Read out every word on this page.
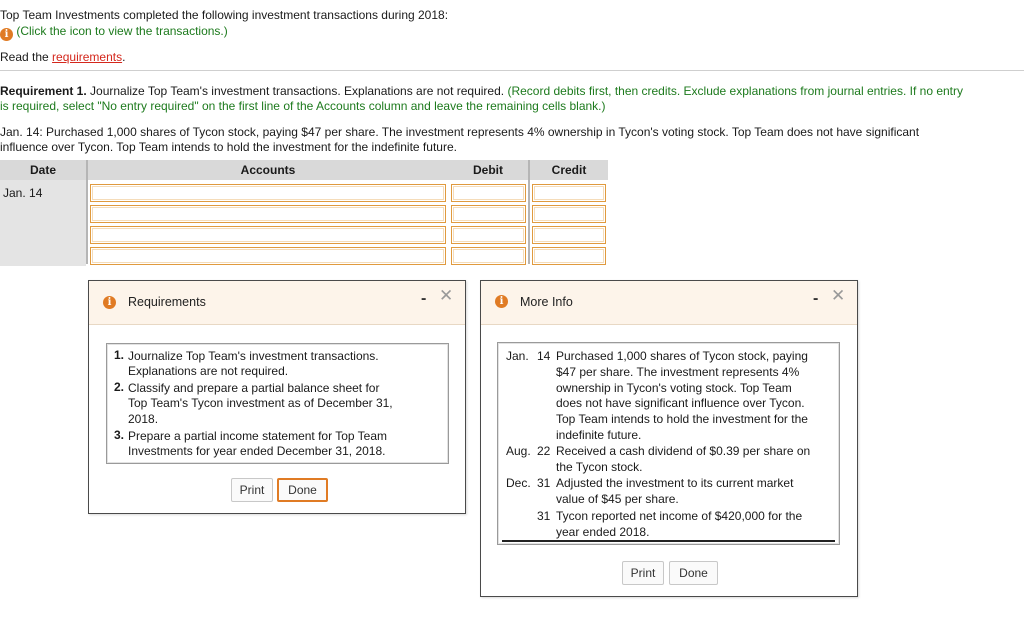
Top Team Investments completed the following investment transactions during 2018:
i (Click the icon to view the transactions.)
Read the requirements.
Requirement 1. Journalize Top Team's investment transactions. Explanations are not required. (Record debits first, then credits. Exclude explanations from journal entries. If no entry
is required, select "No entry required" on the first line of the Accounts column and leave the remaining cells blank.)
Jan. 14: Purchased 1,000 shares of Tycon stock, paying $47 per share. The investment represents 4% ownership in Tycon's voting stock. Top Team does not have significant
influence over Tycon. Top Team intends to hold the investment for the indefinite future.
Date	Accounts	Debit	Credit
Jan. 14
i	Requirements	- ✕
1. Journalize Top Team's investment transactions.
Explanations are not required.
2. Classify and prepare a partial balance sheet for
Top Team's Tycon investment as of December 31,
2018.
3. Prepare a partial income statement for Top Team
Investments for year ended December 31, 2018.
Print	Done
i	More Info	- ✕
Jan. 14 Purchased 1,000 shares of Tycon stock, paying
$47 per share. The investment represents 4%
ownership in Tycon's voting stock. Top Team
does not have significant influence over Tycon.
Top Team intends to hold the investment for the
indefinite future.
Aug. 22 Received a cash dividend of $0.39 per share on
the Tycon stock.
Dec. 31 Adjusted the investment to its current market
value of $45 per share.
31 Tycon reported net income of $420,000 for the
year ended 2018.
Print	Done
